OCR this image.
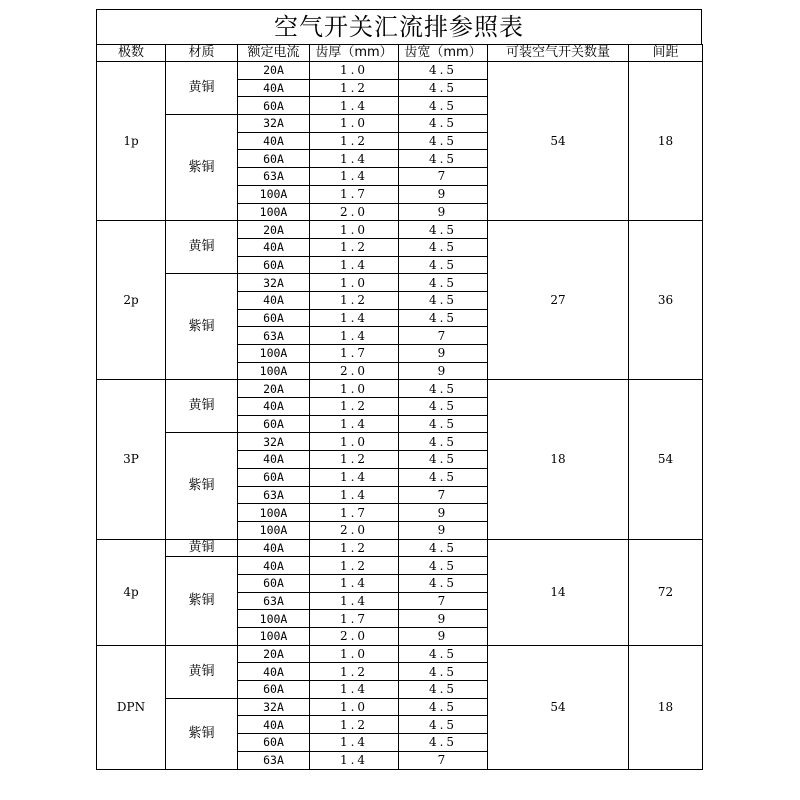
空气开关汇流排参照表
极数	材质	额定电流	齿厚（mm）	齿宽（mm）	可装空气开关数量	间距
1p	黄铜	20A	1.0	4.5	54	18
		40A	1.2	4.5		
		60A	1.4	4.5		
	紫铜	32A	1.0	4.5		
		40A	1.2	4.5		
		60A	1.4	4.5		
		63A	1.4	7		
		100A	1.7	9		
		100A	2.0	9		
2p	黄铜	20A	1.0	4.5	27	36
		40A	1.2	4.5		
		60A	1.4	4.5		
	紫铜	32A	1.0	4.5		
		40A	1.2	4.5		
		60A	1.4	4.5		
		63A	1.4	7		
		100A	1.7	9		
		100A	2.0	9		
3P	黄铜	20A	1.0	4.5	18	54
		40A	1.2	4.5		
		60A	1.4	4.5		
	紫铜	32A	1.0	4.5		
		40A	1.2	4.5		
		60A	1.4	4.5		
		63A	1.4	7		
		100A	1.7	9		
		100A	2.0	9		
4p	黄铜	40A	1.2	4.5	14	72
	紫铜	40A	1.2	4.5		
		60A	1.4	4.5		
		63A	1.4	7		
		100A	1.7	9		
		100A	2.0	9		
DPN	黄铜	20A	1.0	4.5	54	18
		40A	1.2	4.5		
		60A	1.4	4.5		
	紫铜	32A	1.0	4.5		
		40A	1.2	4.5		
		60A	1.4	4.5		
		63A	1.4	7		
